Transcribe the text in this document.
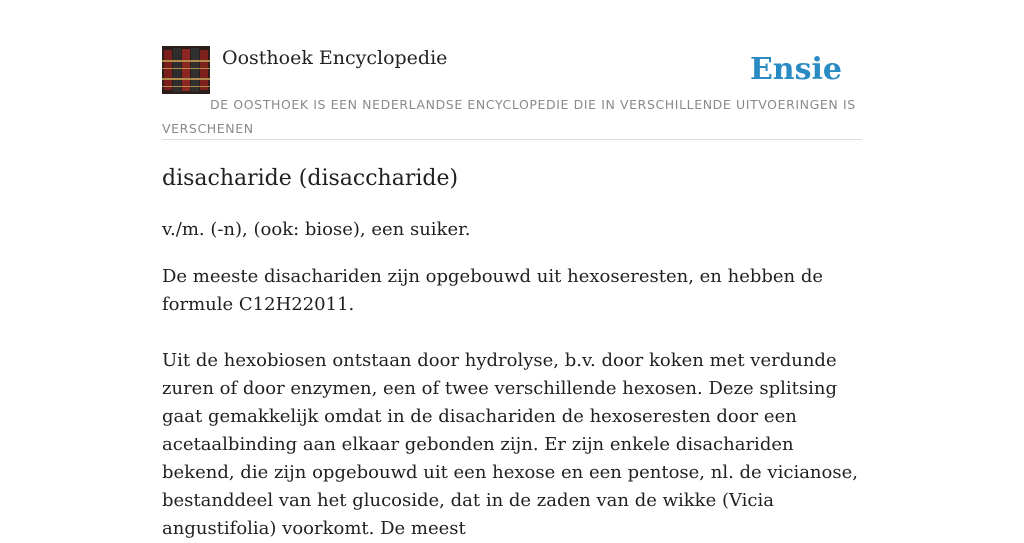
Oosthoek Encyclopedie	Ensie
DE OOSTHOEK IS EEN NEDERLANDSE ENCYCLOPEDIE DIE IN VERSCHILLENDE UITVOERINGEN IS VERSCHENEN
disacharide (disaccharide)

v./m. (-n), (ook: biose), een suiker.

De meeste disachariden zijn opgebouwd uit hexoseresten, en hebben de formule C12H22011.

Uit de hexobiosen ontstaan door hydrolyse, b.v. door koken met verdunde zuren of door enzymen, een of twee verschillende hexosen. Deze splitsing gaat gemakkelijk omdat in de disachariden de hexoseresten door een acetaalbinding aan elkaar gebonden zijn. Er zijn enkele disachariden bekend, die zijn opgebouwd uit een hexose en een pentose, nl. de vicianose, bestanddeel van het glucoside, dat in de zaden van de wikke (Vicia angustifolia) voorkomt. De meest
